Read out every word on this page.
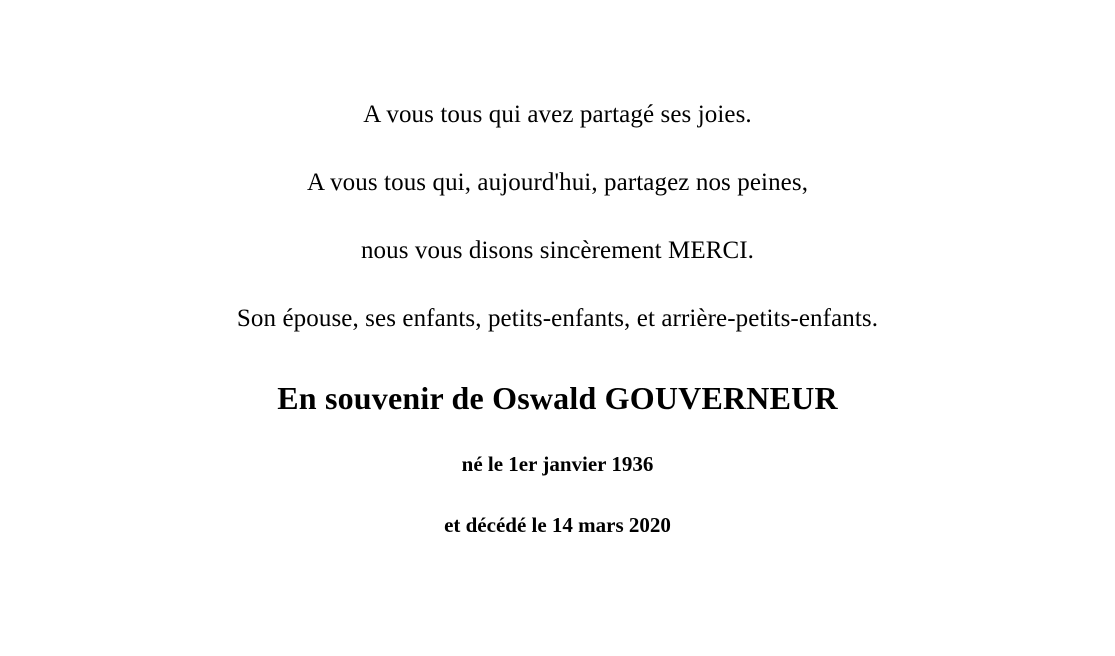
A vous tous qui avez partagé ses joies.

A vous tous qui, aujourd'hui, partagez nos peines,

nous vous disons sincèrement MERCI.

Son épouse, ses enfants, petits-enfants, et arrière-petits-enfants.

En souvenir de Oswald GOUVERNEUR

né le 1er janvier 1936

et décédé le 14 mars 2020
